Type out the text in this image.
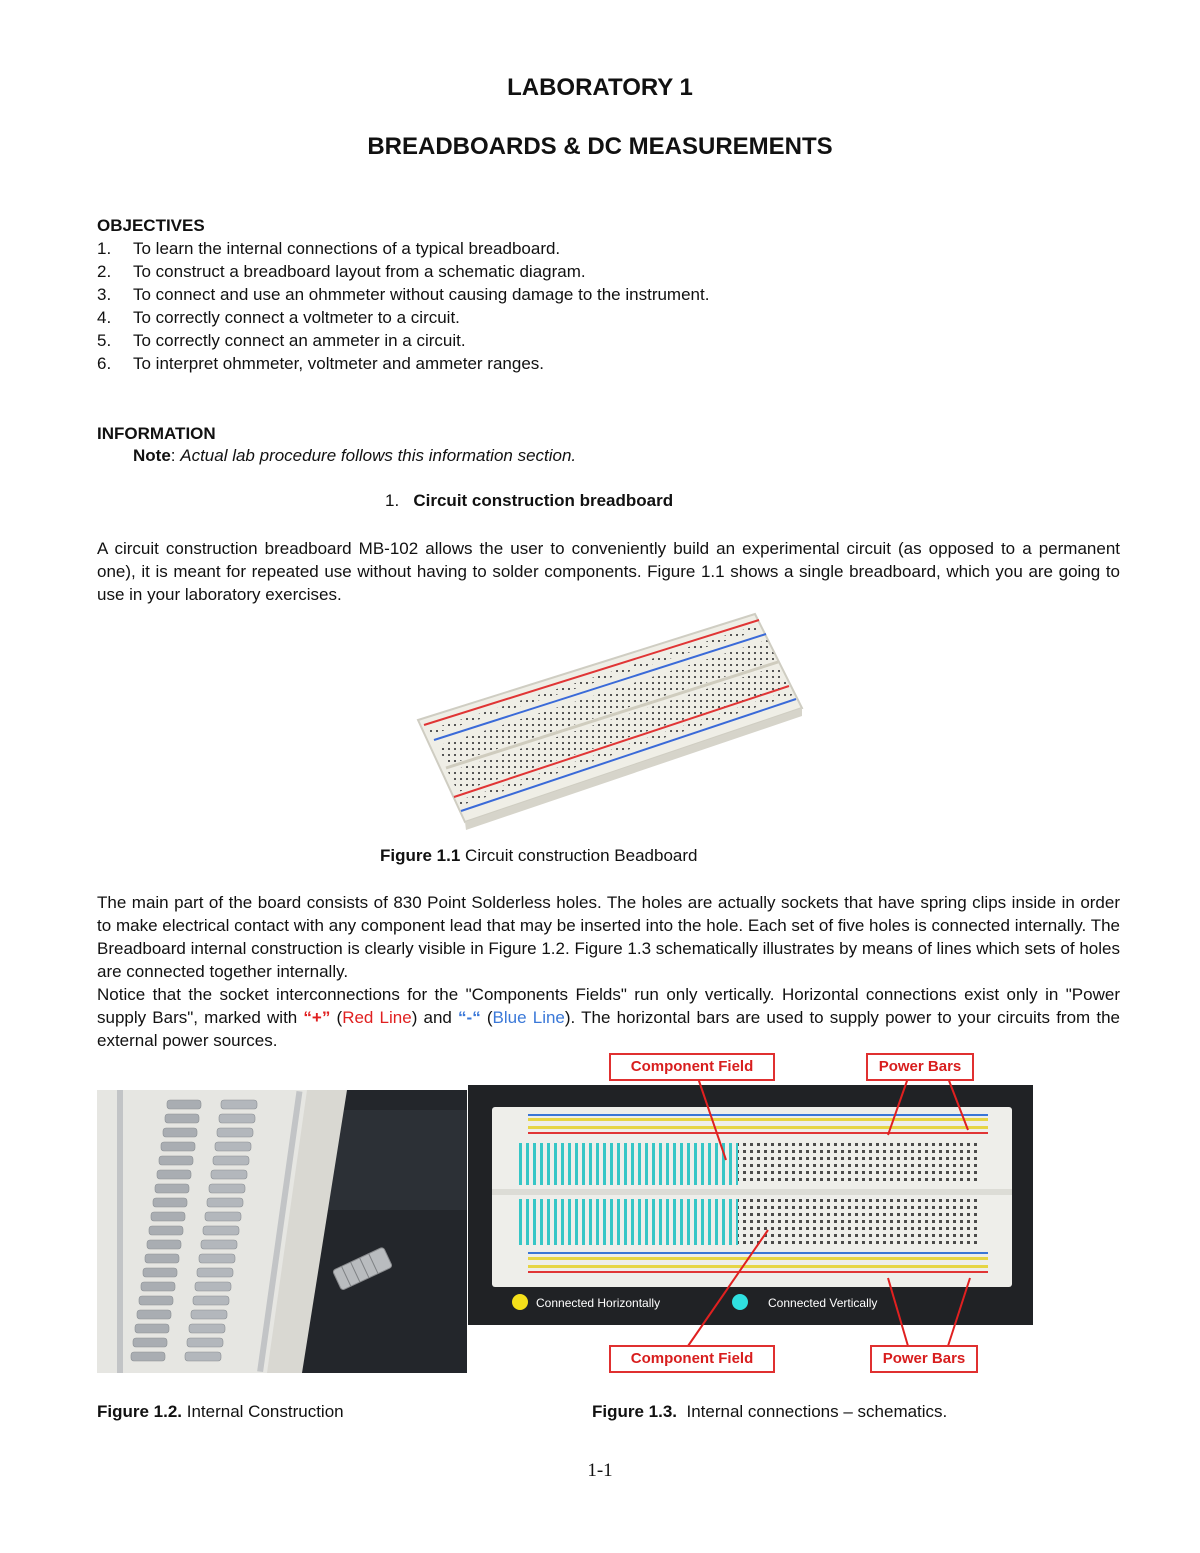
LABORATORY 1
BREADBOARDS & DC MEASUREMENTS
OBJECTIVES
1. To learn the internal connections of a typical breadboard.
2. To construct a breadboard layout from a schematic diagram.
3. To connect and use an ohmmeter without causing damage to the instrument.
4. To correctly connect a voltmeter to a circuit.
5. To correctly connect an ammeter in a circuit.
6. To interpret ohmmeter, voltmeter and ammeter ranges.
INFORMATION
Note: Actual lab procedure follows this information section.
1. Circuit construction breadboard
A circuit construction breadboard MB-102 allows the user to conveniently build an experimental circuit (as opposed to a permanent one), it is meant for repeated use without having to solder components. Figure 1.1 shows a single breadboard, which you are going to use in your laboratory exercises.
Figure 1.1 Circuit construction Beadboard
The main part of the board consists of 830 Point Solderless holes. The holes are actually sockets that have spring clips inside in order to make electrical contact with any component lead that may be inserted into the hole. Each set of five holes is connected internally. The Breadboard internal construction is clearly visible in Figure 1.2. Figure 1.3 schematically illustrates by means of lines which sets of holes are connected together internally.
Notice that the socket interconnections for the "Components Fields" run only vertically. Horizontal connections exist only in "Power supply Bars", marked with “+” (Red Line) and “-“ (Blue Line). The horizontal bars are used to supply power to your circuits from the external power sources.
Connected Horizontally	Connected Vertically
Component Field	Power Bars
Component Field	Power Bars
Figure 1.2. Internal Construction	Figure 1.3.  Internal connections – schematics.
1-1
